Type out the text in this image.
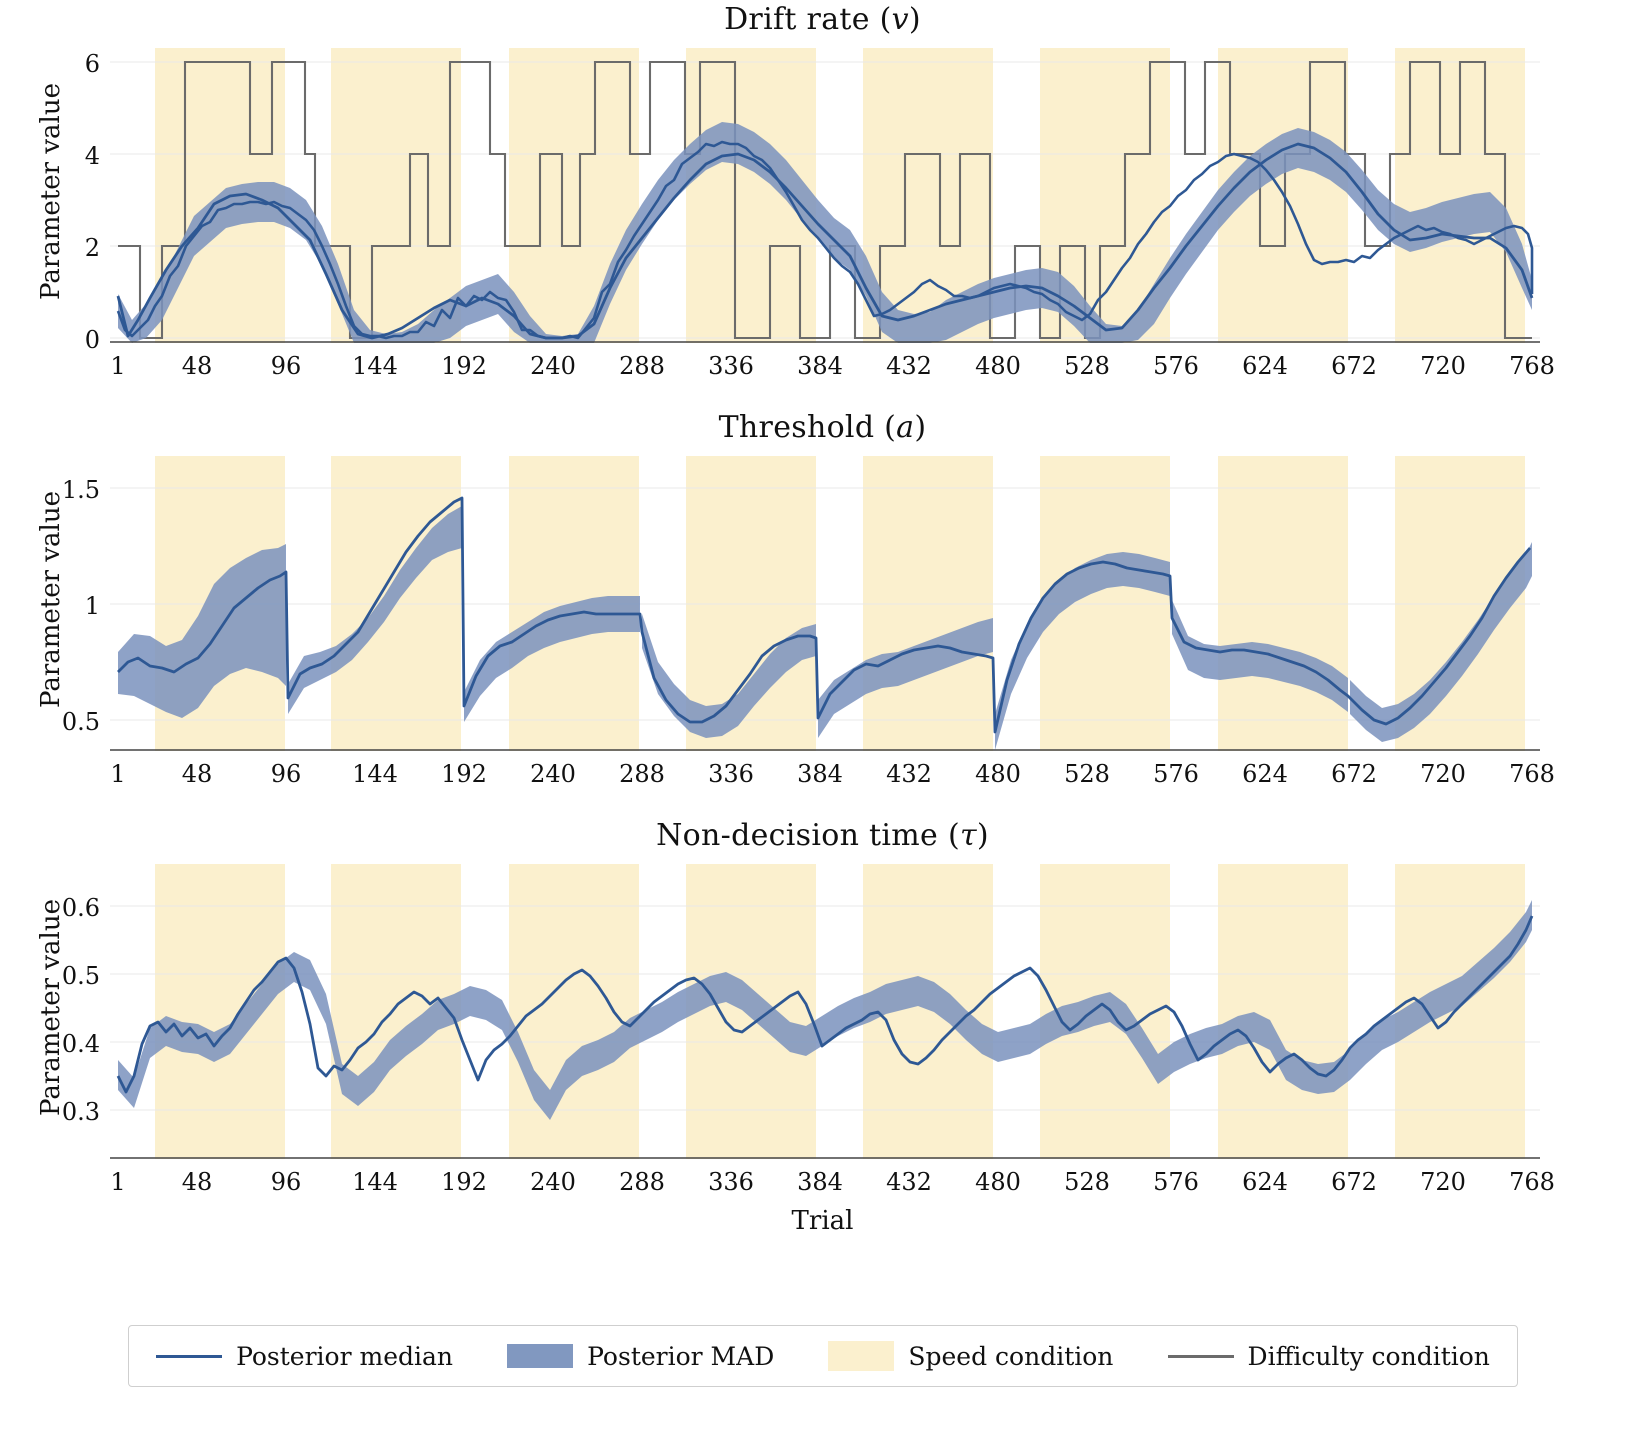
Drift rate (v)
Parameter value
6
4
2
0
1	48	96	144 192 240 288 336 384 432 480 528 576 624 672 720 768
Threshold (a)
Parameter value
1.5
1
0.5
1	48	96	144 192 240 288 336 384 432 480 528 576 624 672 720 768
Non-decision time (τ)
Parameter value
0.6
0.5
0.4
0.3
1	48	96	144 192 240 288 336 384 432 480 528 576 624 672 720 768
Trial
Posterior median	Posterior MAD	Speed condition	Difficulty condition
